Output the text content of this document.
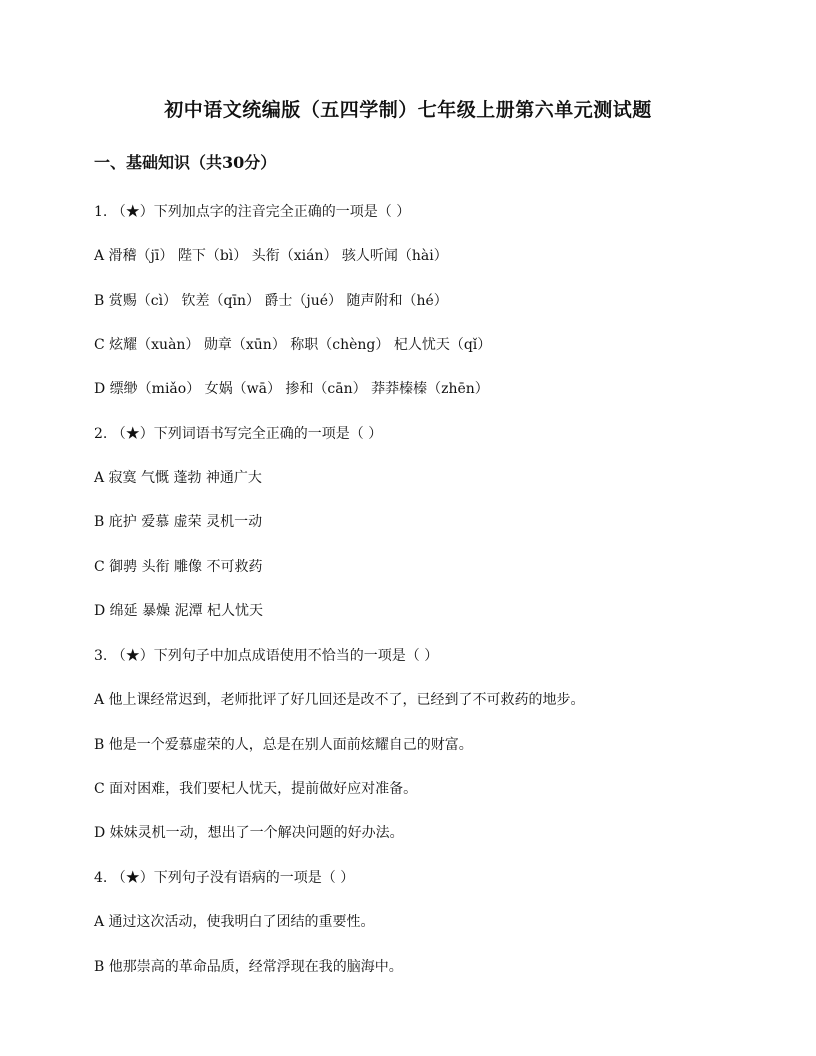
初中语文统编版（五四学制）七年级上册第六单元测试题
一、基础知识（共30分）
1. （★）下列加点字的注音完全正确的一项是（ ）
A 滑稽（jī） 陛下（bì） 头衔（xián） 骇人听闻（hài）
B 赏赐（cì） 钦差（qīn） 爵士（jué） 随声附和（hé）
C 炫耀（xuàn） 勋章（xūn） 称职（chèng） 杞人忧天（qǐ）
D 缥缈（miǎo） 女娲（wā） 掺和（cān） 莽莽榛榛（zhēn）
2. （★）下列词语书写完全正确的一项是（ ）
A 寂寞 气慨 蓬勃 神通广大
B 庇护 爱慕 虚荣 灵机一动
C 御骋 头衔 雕像 不可救药
D 绵延 暴燥 泥潭 杞人忧天
3. （★）下列句子中加点成语使用不恰当的一项是（ ）
A 他上课经常迟到，老师批评了好几回还是改不了，已经到了不可救药的地步。
B 他是一个爱慕虚荣的人，总是在别人面前炫耀自己的财富。
C 面对困难，我们要杞人忧天，提前做好应对准备。
D 妹妹灵机一动，想出了一个解决问题的好办法。
4. （★）下列句子没有语病的一项是（ ）
A 通过这次活动，使我明白了团结的重要性。
B 他那崇高的革命品质，经常浮现在我的脑海中。
